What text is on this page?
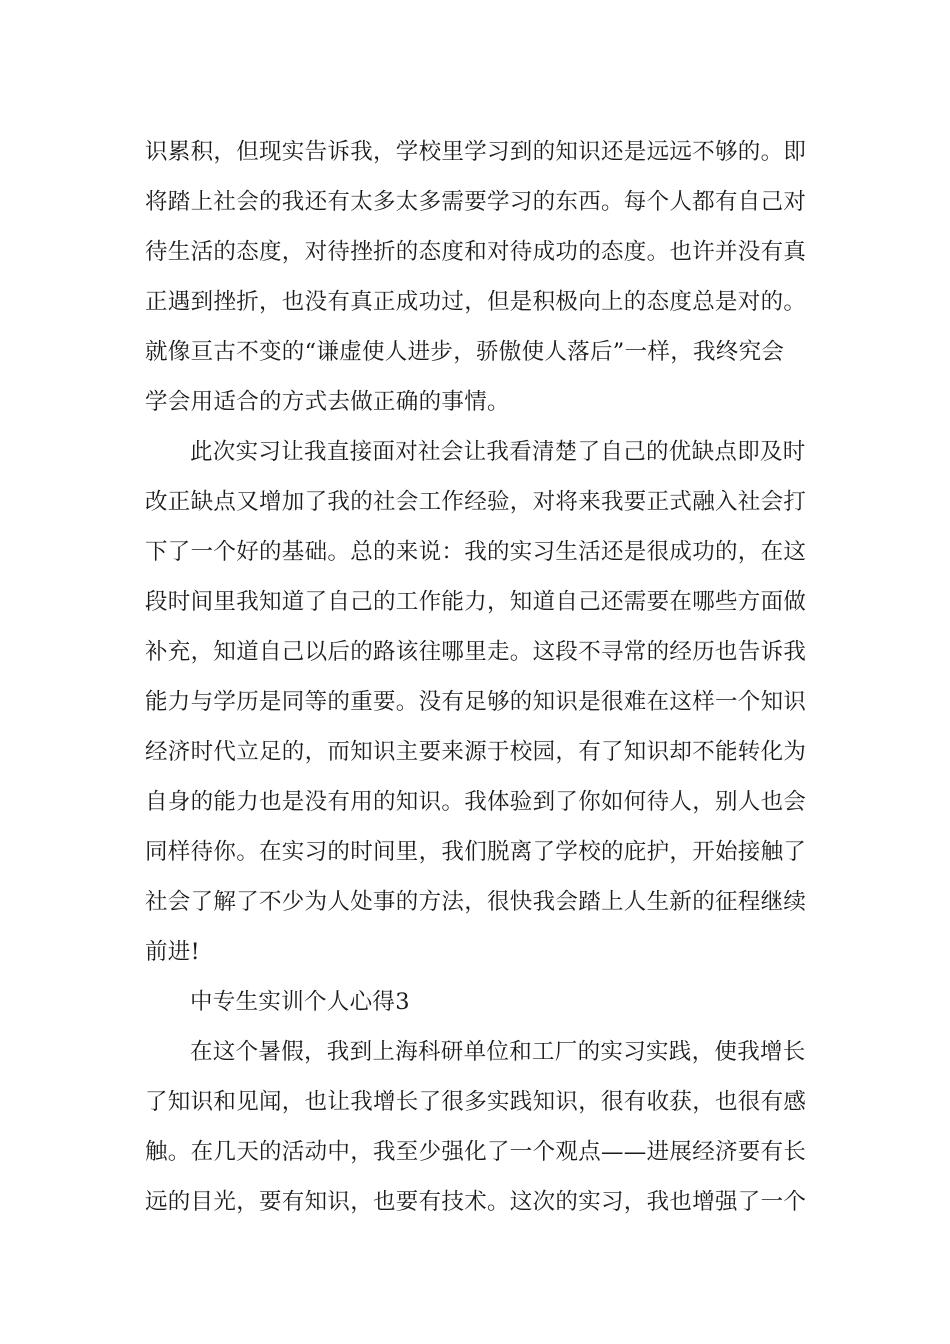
识累积，但现实告诉我，学校里学习到的知识还是远远不够的。即
将踏上社会的我还有太多太多需要学习的东西。每个人都有自己对
待生活的态度，对待挫折的态度和对待成功的态度。也许并没有真
正遇到挫折，也没有真正成功过，但是积极向上的态度总是对的。
就像亘古不变的“谦虚使人进步，骄傲使人落后”一样，我终究会
学会用适合的方式去做正确的事情。
此次实习让我直接面对社会让我看清楚了自己的优缺点即及时
改正缺点又增加了我的社会工作经验，对将来我要正式融入社会打
下了一个好的基础。总的来说：我的实习生活还是很成功的，在这
段时间里我知道了自己的工作能力，知道自己还需要在哪些方面做
补充，知道自己以后的路该往哪里走。这段不寻常的经历也告诉我
能力与学历是同等的重要。没有足够的知识是很难在这样一个知识
经济时代立足的，而知识主要来源于校园，有了知识却不能转化为
自身的能力也是没有用的知识。我体验到了你如何待人，别人也会
同样待你。在实习的时间里，我们脱离了学校的庇护，开始接触了
社会了解了不少为人处事的方法，很快我会踏上人生新的征程继续
前进!
中专生实训个人心得3
在这个暑假，我到上海科研单位和工厂的实习实践，使我增长
了知识和见闻，也让我增长了很多实践知识，很有收获，也很有感
触。在几天的活动中，我至少强化了一个观点——进展经济要有长
远的目光，要有知识，也要有技术。这次的实习，我也增强了一个
